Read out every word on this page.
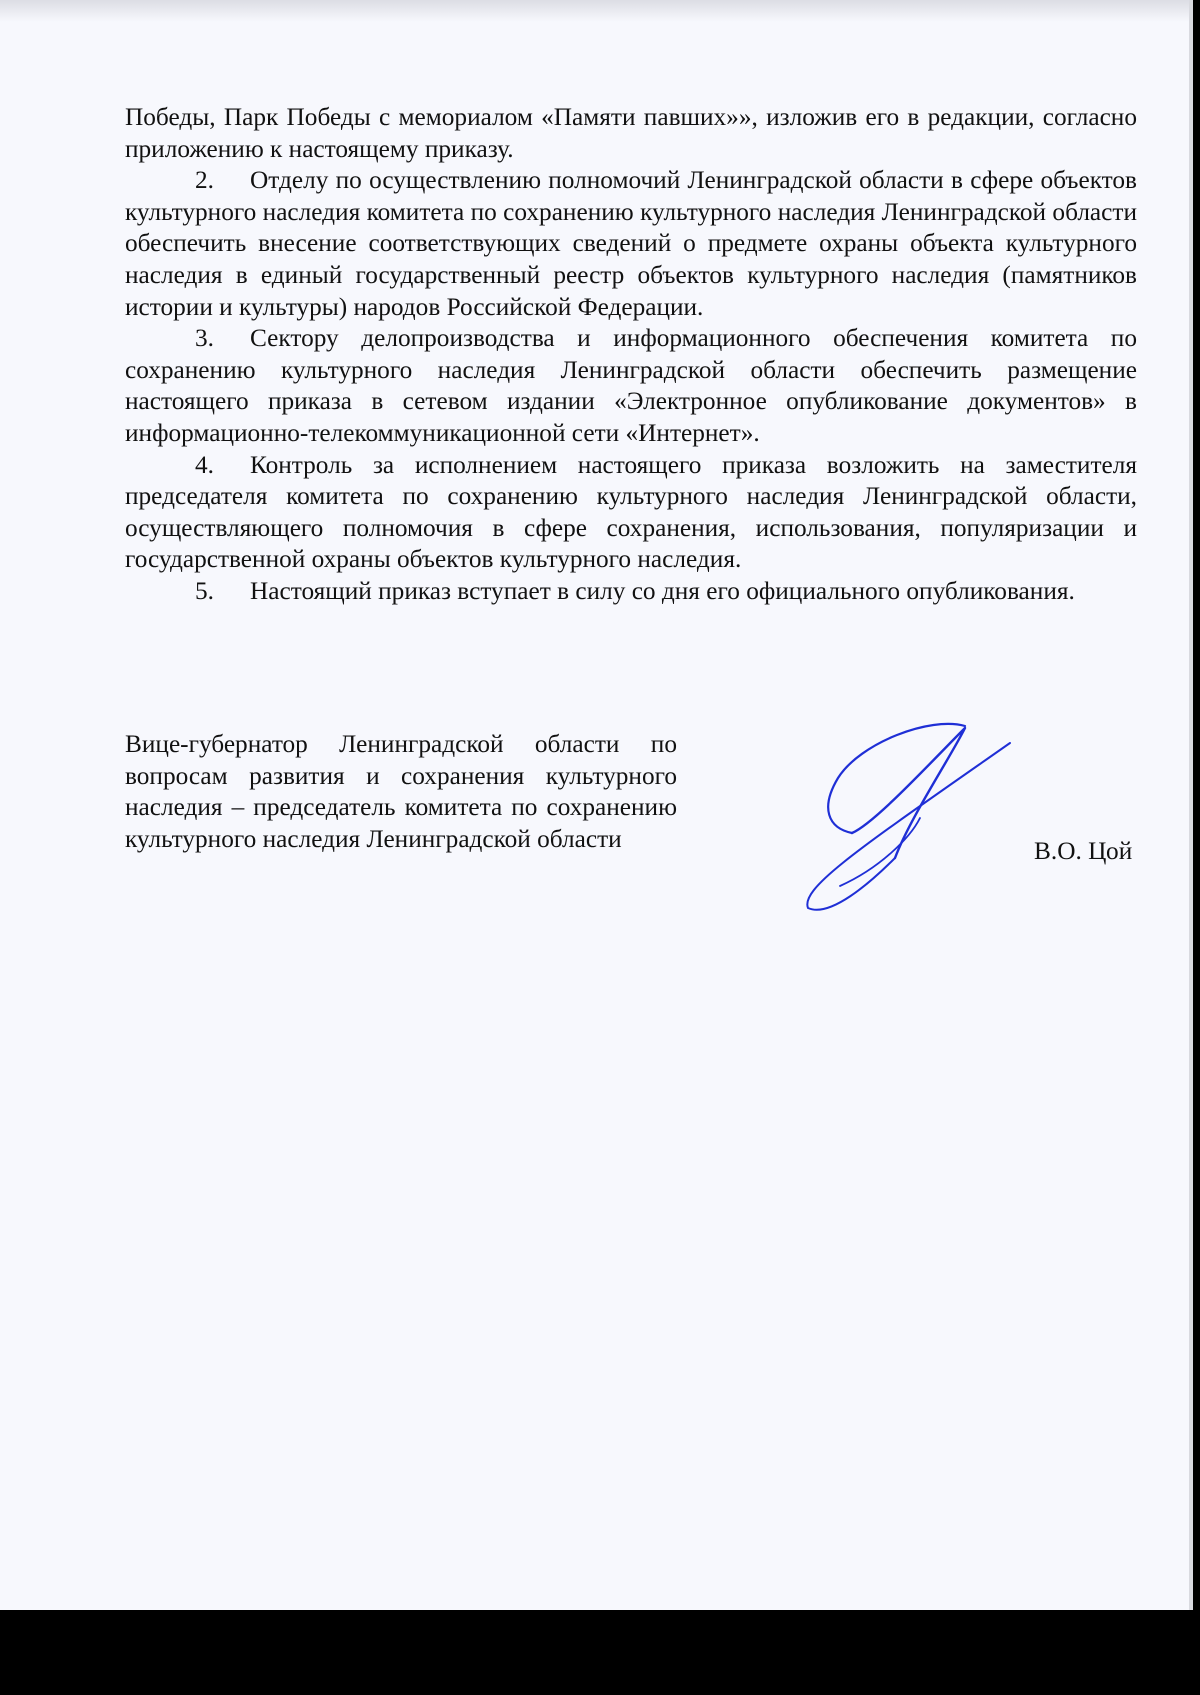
Победы, Парк Победы с мемориалом «Памяти павших»», изложив его в редакции, согласно приложению к настоящему приказу.

2. Отделу по осуществлению полномочий Ленинградской области в сфере объектов культурного наследия комитета по сохранению культурного наследия Ленинградской области обеспечить внесение соответствующих сведений о предмете охраны объекта культурного наследия в единый государственный реестр объектов культурного наследия (памятников истории и культуры) народов Российской Федерации.

3. Сектору делопроизводства и информационного обеспечения комитета по сохранению культурного наследия Ленинградской области обеспечить размещение настоящего приказа в сетевом издании «Электронное опубликование документов» в информационно-телекоммуникационной сети «Интернет».

4. Контроль за исполнением настоящего приказа возложить на заместителя председателя комитета по сохранению культурного наследия Ленинградской области, осуществляющего полномочия в сфере сохранения, использования, популяризации и государственной охраны объектов культурного наследия.

5. Настоящий приказ вступает в силу со дня его официального опубликования.

Вице-губернатор Ленинградской области по вопросам развития и сохранения культурного наследия – председатель комитета по сохранению культурного наследия Ленинградской области	В.О. Цой
